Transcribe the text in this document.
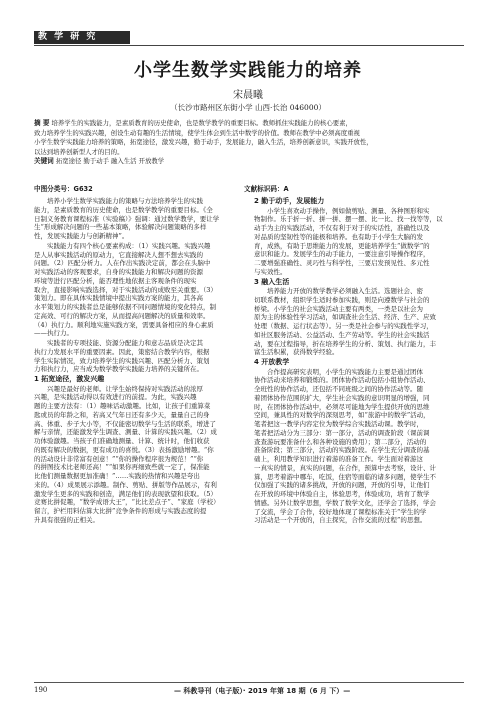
教 学 研 究
小学生数学实践能力的培养
宋晨曦
（长沙市路州区东街小学 山西·长治 046000）
摘 要 培养学生的实践能力，是素质教育的历史使命，也是数学教学的重要目标。教师抓住实践能力的核心要素，
致力培养学生的实践兴趣，创设生动有趣的生活情境，使学生体会到生活中数学的价值。教师在教学中必须高度重视
小学生数学实践能力培养的策略，拓宽途径，激发兴趣，勤于动手，发展能力，融入生活，培养创新意识，实践开放性，
以达到培养创新型人才的目的。
关键词 拓宽途径 勤于动手 融入生活 开放教学
中图分类号：G632	文献标识码：A

培养小学生数学实践能力的策略与方法培养学生的实践

能力，是素质教育的历史使命，也是数学教学的重要目标。《全

日制义务教育课程标准（实验稿）》强调：通过数学教学，要让学

生“形成解决问题的一些基本策略，体验解决问题策略的多样

性，发展实践能力与创新精神”。

实践能力有四个核心要素构成：（1）实践兴趣。实践兴趣

是人从事实践活动的原动力，它直接解决人想不想去实践的

问题。（2）匹配分析力。人在作出实践决定前，都会在头脑中

对实践活动的客观要求，自身的实践能力和解决问题的资源

环境等进行匹配分析，能否理性地依据主客观条件的现实

取舍，直接影响实践选择，对于实践活动的成败至关重要。（3）

策划力。即在具体实践情境中提出实践方案的能力，其各高

水平策划力的实践者总是能够依据不同问题情境的变化特点，制

定高效、可行的解决方案，从而提高问题解决的质量和效率。

（4）执行力。顺利地实施实践方案，需要具备相应的身心素质

——执行力。

实践者的专项技能、资源分配能力和意志品质是决定其

执行力发展水平的重要因素。因此，策密结合教学内容，根据

学生实际情况，致力培养学生的实践兴趣、匹配分析力、策划

力和执行力，应当成为数学教学实践能力培养的关键所在。

1 拓宽途径，激发兴趣

兴趣是最好的老师。让学生始终保持对实践活动的浓厚

兴趣，是实践活动得以有效进行的前提。为此，实践兴趣

题的主要方法有：（1）趣味话动激趣。比如，让孩子们重算菜

匙或员的年龄之和，若高又气年日还有多少天，量量自己的身

高、体重、步子大小等，不仅能密切数学与生活的联系，增进了

解与亲情，还能激发学生调查、测量、计算的实践兴趣。（2）成

功体验激趣。当孩子们准确地测量、计算、统计时，他们收获

的既有解决的数据，更有成功的喜悦。（3）表扬激励增趣。“你

的活动设计非常富有创意！”“你的操作程序很为规范！”“你

的拼图技术比老师还高！”“如果你再细致些就一定了，保准能

比他们测量数据更加准确！”……实践的热情和兴趣是夸出

来的。（4）成果展示添趣。制作、剪贴、拼版等作品展示，有利

激发学生更多的实践和创造，满足他们的表现欲望和获取。（5）

竞赛比拼促趣，“数学成语大王”，“比比差点子”、“家庭（学校）

留言，护栏用料估算大比拼”竞争条件的形成与实践态度的提

升具有很强的正相关。

2 勤于动手，发展能力

小学生喜欢动手操作，例如做剪贴、测量、各种图形和实

物制作。乐于折一折、拼一拼、摆一摆、比一比、找一找等等，以

动手为主的实践活动，不仅有利于对于的实话性，准确性以及

对品质的坚韧性等的能极和培养。也有助于小学生大脑的发

育，成熟，有助于思维能力的发展，更能培养学生“做数学”的

意识和能力。发展学生的动手能力，一要注意引导操作程序，

二要增强准确性、灵巧性与科学性，三要启发预见性、多元性

与实效性。

3 融入生活

培养能力开放的数学教学必须融入生活。选题社会、密

切联系教材，组织学生适时参加实践，则是向遵数学与社会的

桥梁。小学生的社会实践活动主要有两类，一类是以社会为

原为主的体验性学习活动，如调查社会生活、经济、生产、应致

处理（数据、运行状态等）。另一类是社会参与的实践性学习，

如社区服务活动、公益活动、生产劳动等。学生的社会实践活

动，要在过程指导，折在培养学生的分析、策划、执行能力，丰

富生活积累，获得数学经验。

4 开放教学

合作提高研究表明，小学生的实践能力主要是通过团体

协作活动来培养和锻炼的。团体协作活动包括小组协作活动、

全班性的协作活动，还包括不同班级之间的协作活动等。随

着团体协作范围的扩大，学生社会实践的意识明显的增强，同

时，在团体协作活动中，必须尽可能地为学生提供开放的思维

空间，兼具性的对数学的深刻思考，如“旅游中的数学”活动，

笔者把这一教学内容定位为数学综合实践活动课。教学时，

笔者把活动分为三部分：第一部分，活动的调查阶段（课前调

查查游玩要准备什么和各种设施的费用）；第二部分，活动的

准备阶段；第三部分，活动的实践阶段。在学生充分调查的基

础上，利用教学知识进行着游的准备工作。学生面对着游这

一真实的情景，真实的问题，在合作，预算中去考察，设计、计

算，思考着游中哪车，吃饭，住宿等面临的诸多问题，使学生不

仅加强了实践的诸多挑战，开放的问题，开放的引导，让他们

在开放的环境中体验自主，体验思考，体验成功，培育了数学

情感。另外让数学思想，学数了数学文化，还学会了选择，学会

了交流，学会了合作，较好地体现了课程标准关于“学生的学

习活动是一个开放的，自主探究，合作交流的过程”的思想。

190	— 科教导刊（电子版）· 2019 年第 18 期（6 月 下）—
